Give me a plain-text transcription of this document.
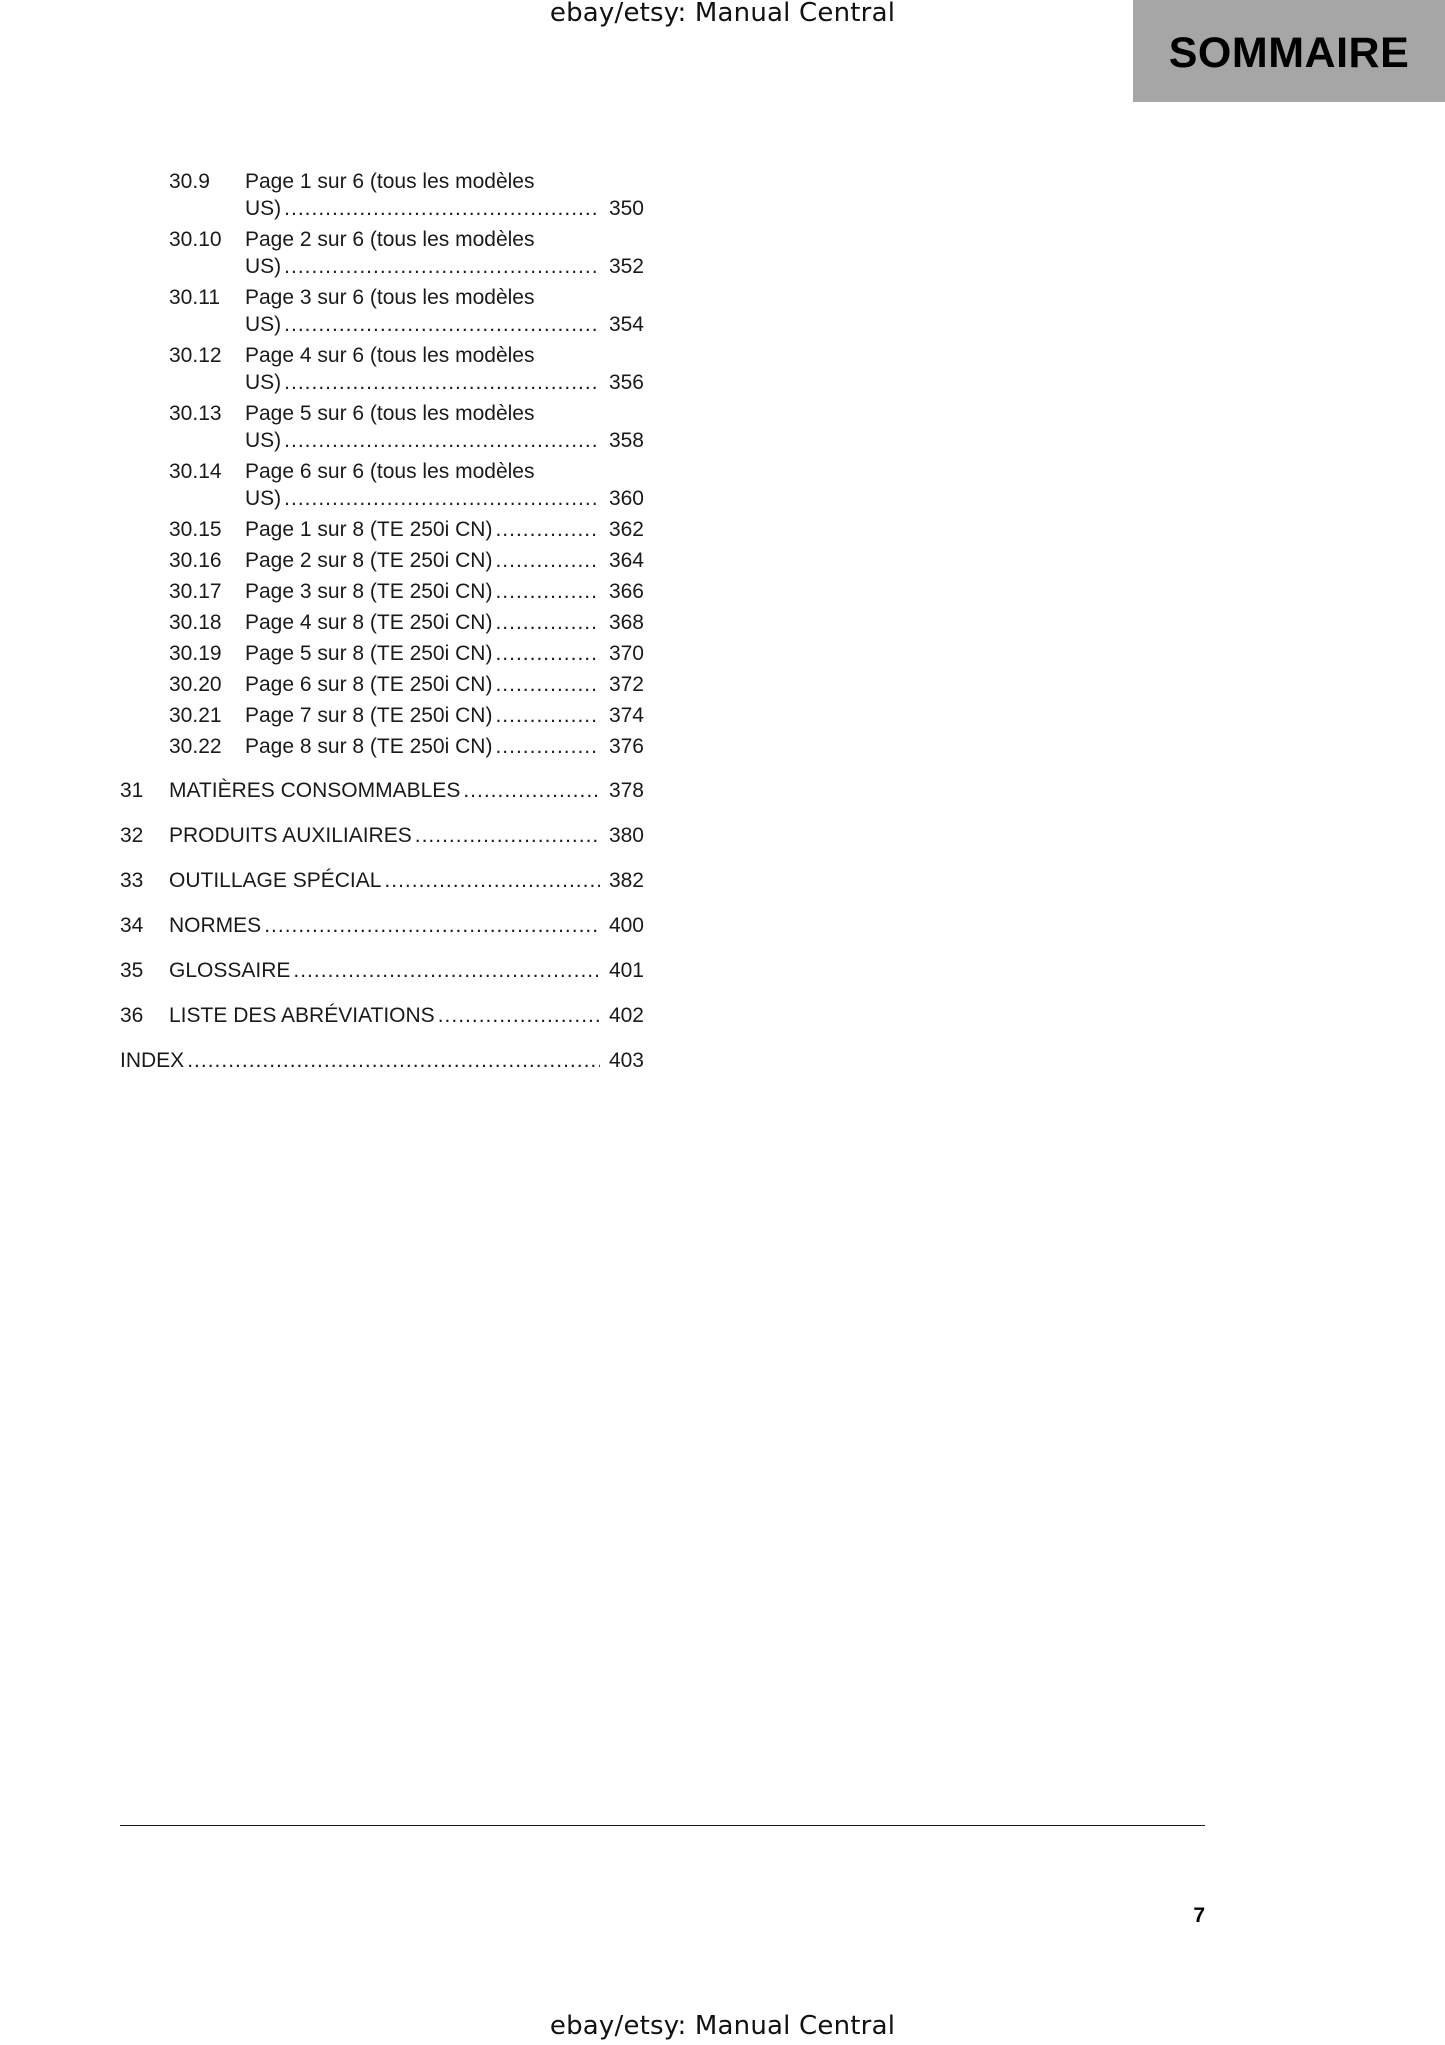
ebay/etsy: Manual Central
SOMMAIRE
30.9	Page 1 sur 6 (tous les modèles
US) .....	350
30.10	Page 2 sur 6 (tous les modèles
US) .....	352
30.11	Page 3 sur 6 (tous les modèles
US) .....	354
30.12	Page 4 sur 6 (tous les modèles
US) .....	356
30.13	Page 5 sur 6 (tous les modèles
US) .....	358
30.14	Page 6 sur 6 (tous les modèles
US) .....	360
30.15	Page 1 sur 8 (TE 250i CN) .....	362
30.16	Page 2 sur 8 (TE 250i CN) .....	364
30.17	Page 3 sur 8 (TE 250i CN) .....	366
30.18	Page 4 sur 8 (TE 250i CN) .....	368
30.19	Page 5 sur 8 (TE 250i CN) .....	370
30.20	Page 6 sur 8 (TE 250i CN) .....	372
30.21	Page 7 sur 8 (TE 250i CN) .....	374
30.22	Page 8 sur 8 (TE 250i CN) .....	376
31	MATIÈRES CONSOMMABLES .....	378
32	PRODUITS AUXILIAIRES .....	380
33	OUTILLAGE SPÉCIAL .....	382
34	NORMES .....	400
35	GLOSSAIRE .....	401
36	LISTE DES ABRÉVIATIONS .....	402
INDEX .....	403
7
ebay/etsy: Manual Central
